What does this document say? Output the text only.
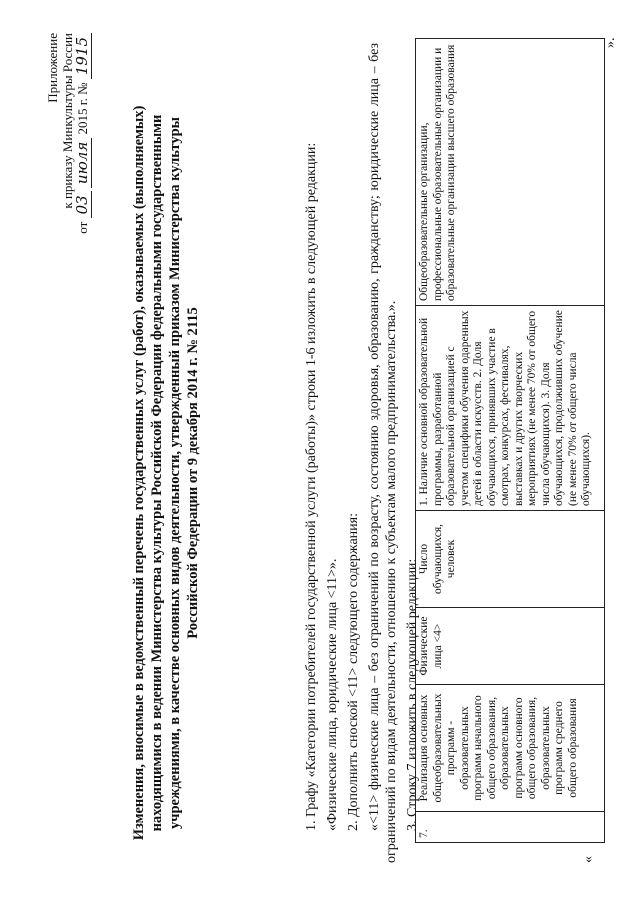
Приложение к приказу Минкультуры России
от 03 июля 2015 г. № 1915
Изменения, вносимые в ведомственный перечень государственных услуг (работ), оказываемых (выполняемых) находящимися в ведении Министерства культуры Российской Федерации федеральными государственными учреждениями, в качестве основных видов деятельности, утвержденный приказом Министерства культуры Российской Федерации от 9 декабря 2014 г. № 2115	1. Графу «Категории потребителей государственной услуги (работы)» строки 1-6 изложить в следующей редакции: «Физические лица, юридические лица <11>». 2. Дополнить сноской <11> следующего содержания: «<11> физические лица – без ограничений по возрасту, состоянию здоровья, образованию, гражданству; юридические лица – без ограничений по видам деятельности, отношению к субъектам малого предпринимательства.». 3. Строку 7 изложить в следующей редакции:

«
7.	Реализация основных общеобразовательных программ - образовательных программ начального общего образования, образовательных программ основного общего образования, образовательных программ среднего общего образования	Физические лица <4>	Число обучающихся, человек	1. Наличие основной образовательной программы, разработанной образовательной организацией с учетом специфики обучения одаренных детей в области искусств. 2. Доля обучающихся, принявших участие в смотрах, конкурсах, фестивалях, выставках и других творческих мероприятиях (не менее 70% от общего числа обучающихся). 3. Доля обучающихся, продолживших обучение (не менее 70% от общего числа обучающихся).	Общеобразовательные организации, профессиональные образовательные организации и образовательные организации высшего образования
».
